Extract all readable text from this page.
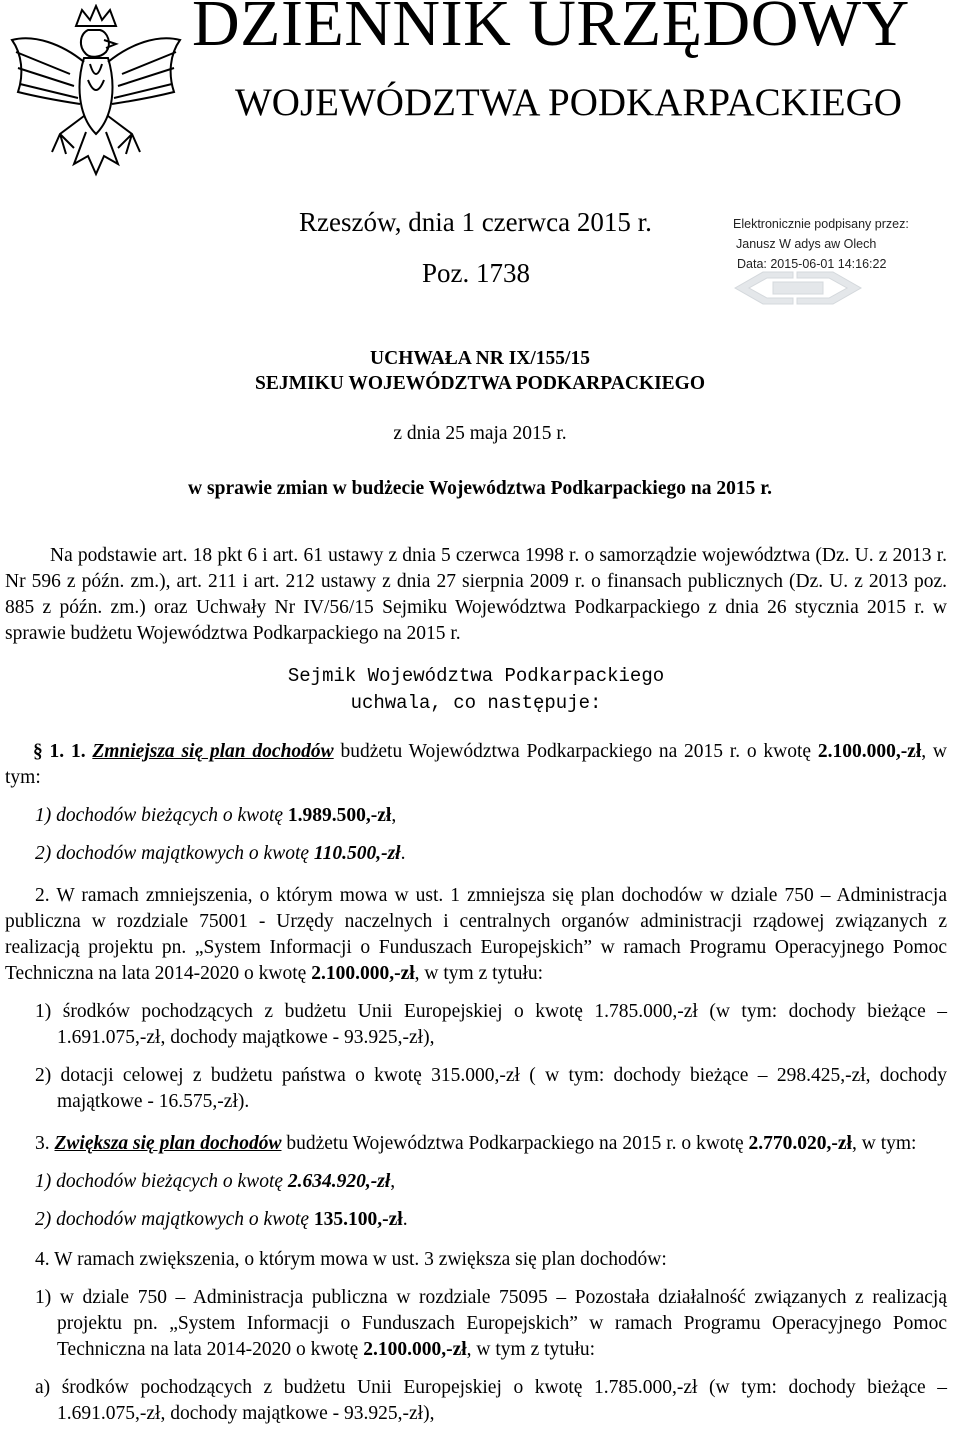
DZIENNIK URZĘDOWY
WOJEWÓDZTWA PODKARPACKIEGO
Rzeszów, dnia 1 czerwca 2015 r.
Poz. 1738
Elektronicznie podpisany przez:
Janusz W adys aw Olech
Data: 2015-06-01 14:16:22
UCHWAŁA NR IX/155/15
SEJMIKU WOJEWÓDZTWA PODKARPACKIEGO
z dnia 25 maja 2015 r.
w sprawie zmian w budżecie Województwa Podkarpackiego na 2015 r.

Na podstawie art. 18 pkt 6 i art. 61 ustawy z dnia 5 czerwca 1998 r. o samorządzie województwa (Dz. U. z 2013 r. Nr 596 z późn. zm.), art. 211 i art. 212 ustawy z dnia 27 sierpnia 2009 r. o finansach publicznych (Dz. U. z 2013 poz. 885 z późn. zm.) oraz Uchwały Nr IV/56/15 Sejmiku Województwa Podkarpackiego z dnia 26 stycznia 2015 r. w sprawie budżetu Województwa Podkarpackiego na 2015 r.

Sejmik Województwa Podkarpackiego
uchwala, co następuje:

§ 1. 1. Zmniejsza się plan dochodów budżetu Województwa Podkarpackiego na 2015 r. o kwotę 2.100.000,-zł, w tym:

1) dochodów bieżących o kwotę 1.989.500,-zł,

2) dochodów majątkowych o kwotę 110.500,-zł.

2. W ramach zmniejszenia, o którym mowa w ust. 1 zmniejsza się plan dochodów w dziale 750 – Administracja publiczna w rozdziale 75001 - Urzędy naczelnych i centralnych organów administracji rządowej związanych z realizacją projektu pn. „System Informacji o Funduszach Europejskich” w ramach Programu Operacyjnego Pomoc Techniczna na lata 2014-2020 o kwotę 2.100.000,-zł, w tym z tytułu:

1) środków pochodzących z budżetu Unii Europejskiej o kwotę 1.785.000,-zł (w tym: dochody bieżące – 1.691.075,-zł, dochody majątkowe - 93.925,-zł),

2) dotacji celowej z budżetu państwa o kwotę 315.000,-zł ( w tym: dochody bieżące – 298.425,-zł, dochody majątkowe - 16.575,-zł).

3. Zwiększa się plan dochodów budżetu Województwa Podkarpackiego na 2015 r. o kwotę 2.770.020,-zł, w tym:

1) dochodów bieżących o kwotę 2.634.920,-zł,

2) dochodów majątkowych o kwotę 135.100,-zł.

4. W ramach zwiększenia, o którym mowa w ust. 3 zwiększa się plan dochodów:

1) w dziale 750 – Administracja publiczna w rozdziale 75095 – Pozostała działalność związanych z realizacją projektu pn. „System Informacji o Funduszach Europejskich” w ramach Programu Operacyjnego Pomoc Techniczna na lata 2014-2020 o kwotę 2.100.000,-zł, w tym z tytułu:

a) środków pochodzących z budżetu Unii Europejskiej o kwotę 1.785.000,-zł (w tym: dochody bieżące – 1.691.075,-zł, dochody majątkowe - 93.925,-zł),
